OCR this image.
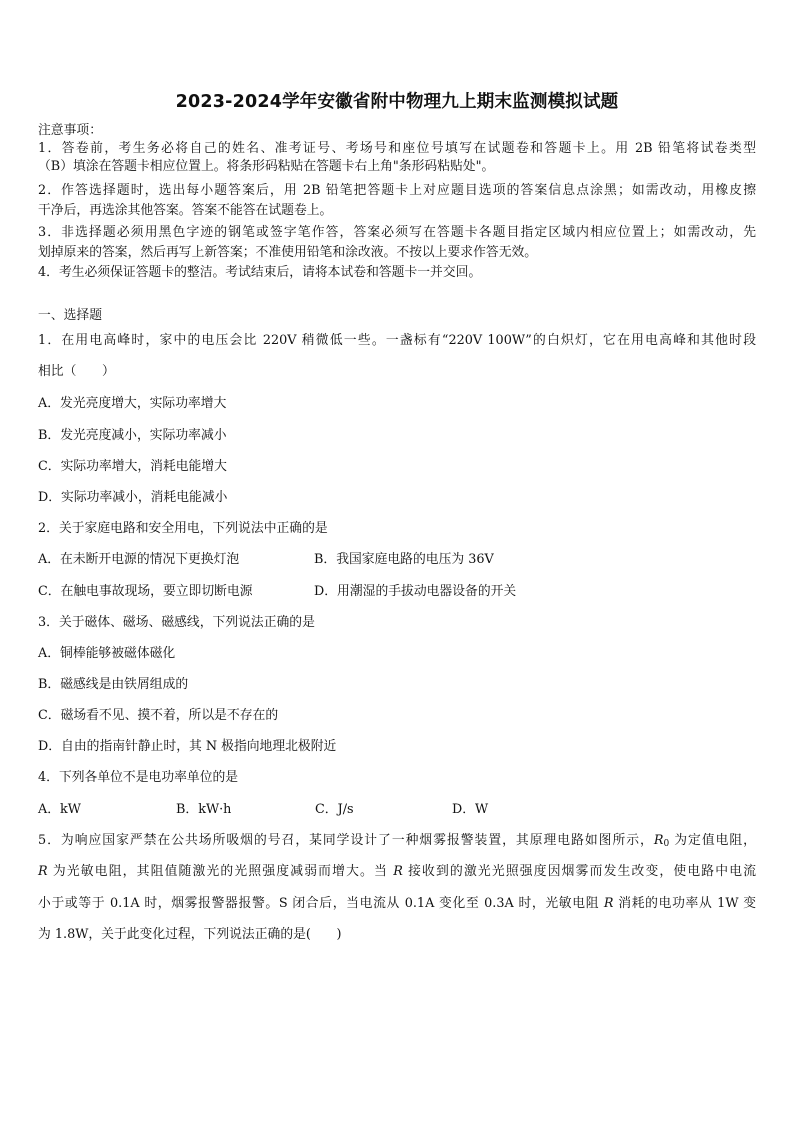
2023-2024学年安徽省附中物理九上期末监测模拟试题
注意事项：
1．答卷前，考生务必将自己的姓名、准考证号、考场号和座位号填写在试题卷和答题卡上。用 2B 铅笔将试卷类型
（B）填涂在答题卡相应位置上。将条形码粘贴在答题卡右上角"条形码粘贴处"。
2．作答选择题时，选出每小题答案后，用 2B 铅笔把答题卡上对应题目选项的答案信息点涂黑；如需改动，用橡皮擦
干净后，再选涂其他答案。答案不能答在试题卷上。
3．非选择题必须用黑色字迹的钢笔或签字笔作答，答案必须写在答题卡各题目指定区域内相应位置上；如需改动，先
划掉原来的答案，然后再写上新答案；不准使用铅笔和涂改液。不按以上要求作答无效。
4．考生必须保证答题卡的整洁。考试结束后，请将本试卷和答题卡一并交回。
一、选择题
1．在用电高峰时，家中的电压会比 220V 稍微低一些。一盏标有“220V 100W”的白炽灯，它在用电高峰和其他时段
相比（　　）
A．发光亮度增大，实际功率增大
B．发光亮度减小，实际功率减小
C．实际功率增大，消耗电能增大
D．实际功率减小，消耗电能减小
2．关于家庭电路和安全用电，下列说法中正确的是
A．在未断开电源的情况下更换灯泡	B．我国家庭电路的电压为 36V
C．在触电事故现场，要立即切断电源	D．用潮湿的手拔动电器设备的开关
3．关于磁体、磁场、磁感线，下列说法正确的是
A．铜棒能够被磁体磁化
B．磁感线是由铁屑组成的
C．磁场看不见、摸不着，所以是不存在的
D．自由的指南针静止时，其 N 极指向地理北极附近
4．下列各单位不是电功率单位的是
A．kW	B．kW·h	C．J/s	D．W
5．为响应国家严禁在公共场所吸烟的号召，某同学设计了一种烟雾报警装置，其原理电路如图所示，$R_0$ 为定值电阻，
R 为光敏电阻，其阻值随激光的光照强度减弱而增大。当 R 接收到的激光光照强度因烟雾而发生改变，使电路中电流
小于或等于 0.1A 时，烟雾报警器报警。S 闭合后，当电流从 0.1A 变化至 0.3A 时，光敏电阻 R 消耗的电功率从 1W 变
为 1.8W，关于此变化过程，下列说法正确的是(　　)
